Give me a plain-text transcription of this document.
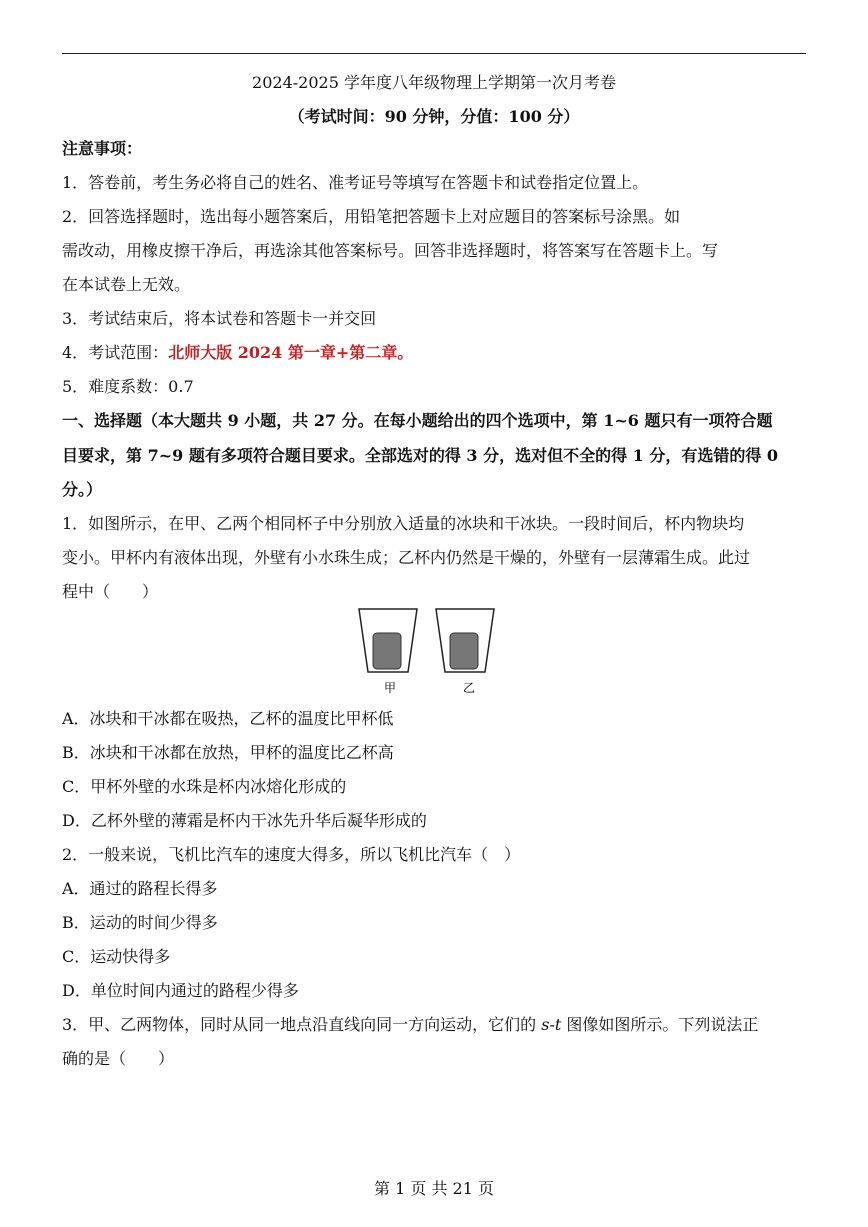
2024-2025 学年度八年级物理上学期第一次月考卷
（考试时间：90 分钟，分值：100 分）
注意事项：
1．答卷前，考生务必将自己的姓名、准考证号等填写在答题卡和试卷指定位置上。
2．回答选择题时，选出每小题答案后，用铅笔把答题卡上对应题目的答案标号涂黑。如
需改动，用橡皮擦干净后，再选涂其他答案标号。回答非选择题时，将答案写在答题卡上。写
在本试卷上无效。
3．考试结束后，将本试卷和答题卡一并交回
4．考试范围：北师大版 2024 第一章+第二章。
5．难度系数：0.7
一、选择题（本大题共 9 小题，共 27 分。在每小题给出的四个选项中，第 1~6 题只有一项符合题
目要求，第 7~9 题有多项符合题目要求。全部选对的得 3 分，选对但不全的得 1 分，有选错的得 0
分。）
1．如图所示，在甲、乙两个相同杯子中分别放入适量的冰块和干冰块。一段时间后，杯内物块均
变小。甲杯内有液体出现，外壁有小水珠生成；乙杯内仍然是干燥的，外壁有一层薄霜生成。此过
程中（　　）
甲	乙
A．冰块和干冰都在吸热，乙杯的温度比甲杯低
B．冰块和干冰都在放热，甲杯的温度比乙杯高
C．甲杯外壁的水珠是杯内冰熔化形成的
D．乙杯外壁的薄霜是杯内干冰先升华后凝华形成的
2．一般来说，飞机比汽车的速度大得多，所以飞机比汽车（　）
A．通过的路程长得多
B．运动的时间少得多
C．运动快得多
D．单位时间内通过的路程少得多
3．甲、乙两物体，同时从同一地点沿直线向同一方向运动，它们的 s-t 图像如图所示。下列说法正
确的是（　　）
第 1 页 共 21 页
